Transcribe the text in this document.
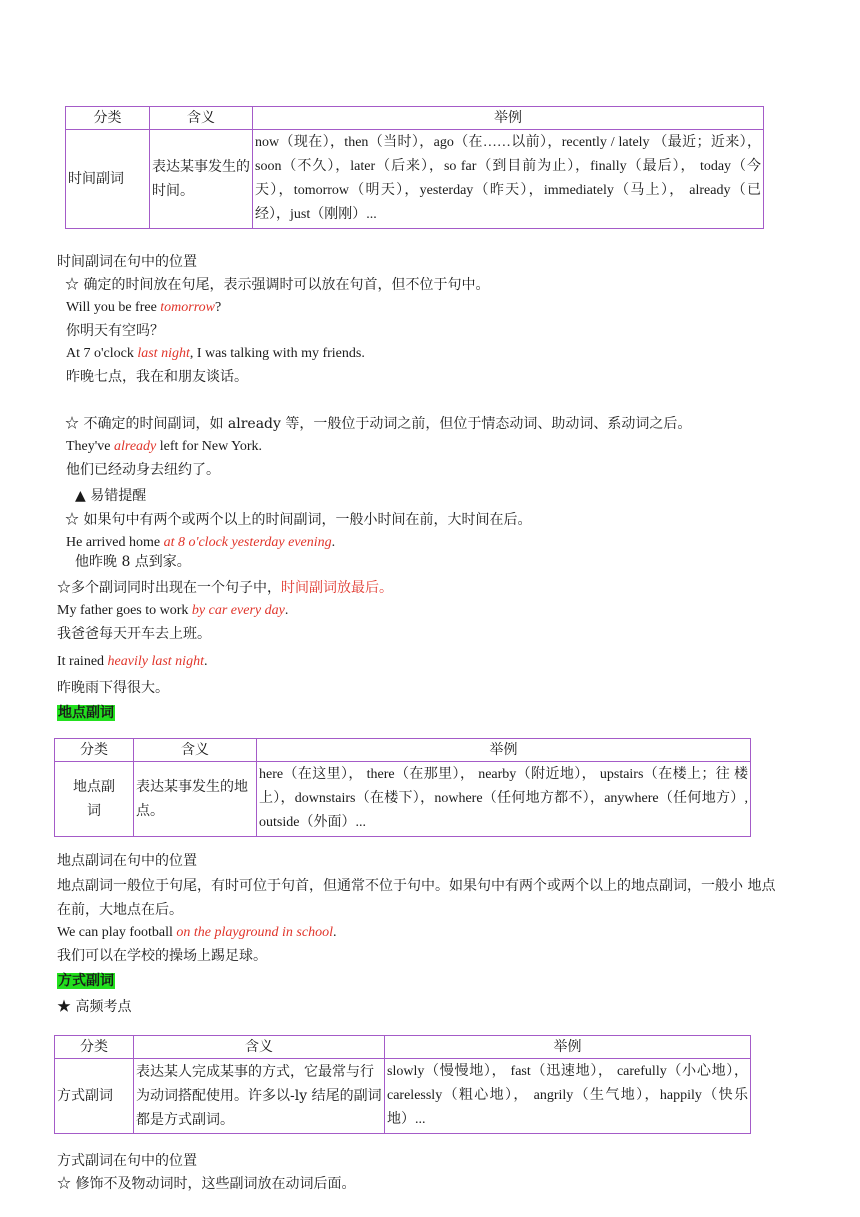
分类	含义	举例
时间副词	表达某事发生的时间。	now（现在），then（当时），ago（在……以前），recently / lately （最近；近来），soon（不久），later（后来），so far（到目前为止），finally（最后）， today（今天），tomorrow（明天），yesterday（昨天），immediately（马上）， already（已经），just（刚刚）...
时间副词在句中的位置
☆ 确定的时间放在句尾，表示强调时可以放在句首，但不位于句中。
Will you be free tomorrow?
你明天有空吗？
At 7 o'clock last night, I was talking with my friends.
昨晚七点，我在和朋友谈话。
☆ 不确定的时间副词，如 already 等，一般位于动词之前，但位于情态动词、助动词、系动词之后。
They've already left for New York.
他们已经动身去纽约了。
▲ 易错提醒
☆ 如果句中有两个或两个以上的时间副词，一般小时间在前，大时间在后。
He arrived home at 8 o'clock yesterday evening.
他昨晚 8 点到家。
☆多个副词同时出现在一个句子中，时间副词放最后。
My father goes to work by car every day.
我爸爸每天开车去上班。
It rained heavily last night.
昨晚雨下得很大。
地点副词
分类	含义	举例
地点副词	表达某事发生的地点。	here（在这里）， there（在那里）， nearby（附近地）， upstairs（在楼上；往 楼上），downstairs（在楼下），nowhere（任何地方都不），anywhere（任何地方）, outside（外面）...
地点副词在句中的位置
地点副词一般位于句尾，有时可位于句首，但通常不位于句中。如果句中有两个或两个以上的地点副词，一般小 地点在前，大地点在后。
We can play football on the playground in school.
我们可以在学校的操场上踢足球。
方式副词
★ 高频考点
分类	含义	举例
方式副词	表达某人完成某事的方式，它最常与行为动词搭配使用。许多以-ly 结尾的副词都是方式副词。	slowly（慢慢地）， fast（迅速地）， carefully（小心地）， carelessly（粗心地）， angrily（生气地），happily（快乐地）...
方式副词在句中的位置
☆ 修饰不及物动词时，这些副词放在动词后面。
